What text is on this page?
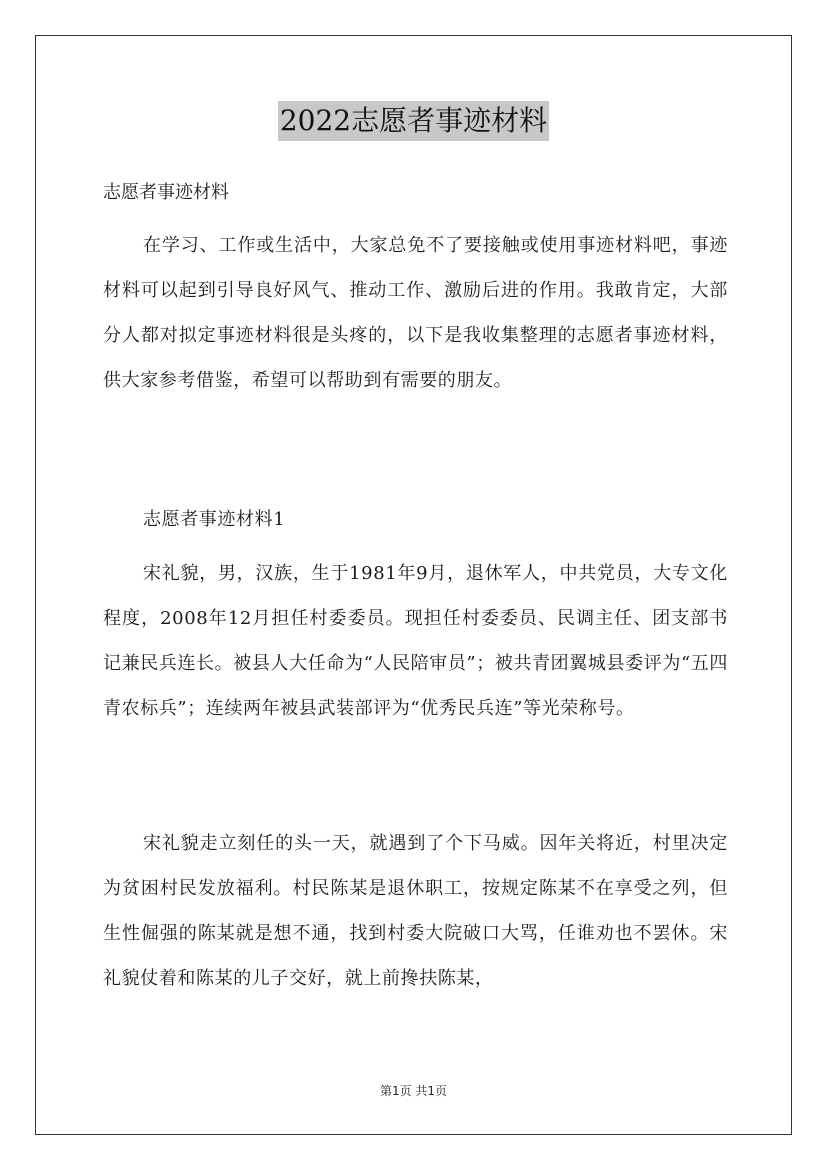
2022志愿者事迹材料

志愿者事迹材料

在学习、工作或生活中，大家总免不了要接触或使用事迹材料吧，事迹材料可以起到引导良好风气、推动工作、激励后进的作用。我敢肯定，大部分人都对拟定事迹材料很是头疼的，以下是我收集整理的志愿者事迹材料，供大家参考借鉴，希望可以帮助到有需要的朋友。

志愿者事迹材料1

宋礼貌，男，汉族，生于1981年9月，退休军人，中共党员，大专文化程度，2008年12月担任村委委员。现担任村委委员、民调主任、团支部书记兼民兵连长。被县人大任命为“人民陪审员”；被共青团翼城县委评为“五四青农标兵”；连续两年被县武装部评为“优秀民兵连”等光荣称号。

宋礼貌走立刻任的头一天，就遇到了个下马威。因年关将近，村里决定为贫困村民发放福利。村民陈某是退休职工，按规定陈某不在享受之列，但生性倔强的陈某就是想不通，找到村委大院破口大骂，任谁劝也不罢休。宋礼貌仗着和陈某的儿子交好，就上前搀扶陈某，

第1页 共1页
